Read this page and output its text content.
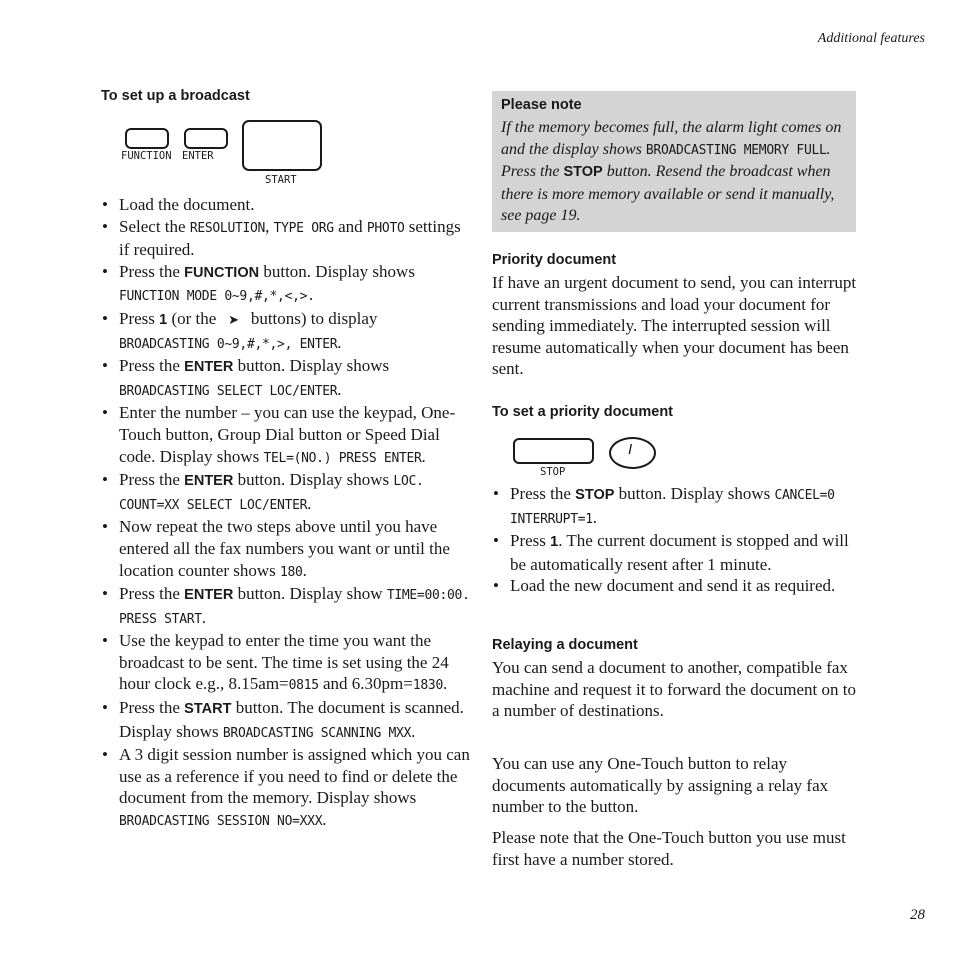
Additional features
To set up a broadcast
FUNCTION ENTER
START
• Load the document.
• Select the RESOLUTION, TYPE ORG and PHOTO settings if required.
• Press the FUNCTION button. Display shows FUNCTION MODE 0~9,#,*,<,>.
• Press 1 (or the ➤ buttons) to display BROADCASTING 0~9,#,*,>, ENTER.
• Press the ENTER button. Display shows BROADCASTING SELECT LOC/ENTER.
• Enter the number – you can use the keypad, One-Touch button, Group Dial button or Speed Dial code. Display shows TEL=(NO.) PRESS ENTER.
• Press the ENTER button. Display shows LOC. COUNT=XX SELECT LOC/ENTER.
• Now repeat the two steps above until you have entered all the fax numbers you want or until the location counter shows 180.
• Press the ENTER button. Display show TIME=00:00. PRESS START.
• Use the keypad to enter the time you want the broadcast to be sent. The time is set using the 24 hour clock e.g., 8.15am=0815 and 6.30pm=1830.
• Press the START button. The document is scanned. Display shows BROADCASTING SCANNING MXX.
• A 3 digit session number is assigned which you can use as a reference if you need to find or delete the document from the memory. Display shows BROADCASTING SESSION NO=XXX.
Please note
If the memory becomes full, the alarm light comes on and the display shows BROADCASTING MEMORY FULL. Press the STOP button. Resend the broadcast when there is more memory available or send it manually, see page 19.
Priority document

If have an urgent document to send, you can interrupt current transmissions and load your document for sending immediately. The interrupted session will resume automatically when your document has been sent.

To set a priority document
STOP
I
• Press the STOP button. Display shows CANCEL=0 INTERRUPT=1.
• Press 1. The current document is stopped and will be automatically resent after 1 minute.
• Load the new document and send it as required.
Relaying a document

You can send a document to another, compatible fax machine and request it to forward the document on to a number of destinations.

You can use any One-Touch button to relay documents automatically by assigning a relay fax number to the button.

Please note that the One-Touch button you use must first have a number stored.

28
